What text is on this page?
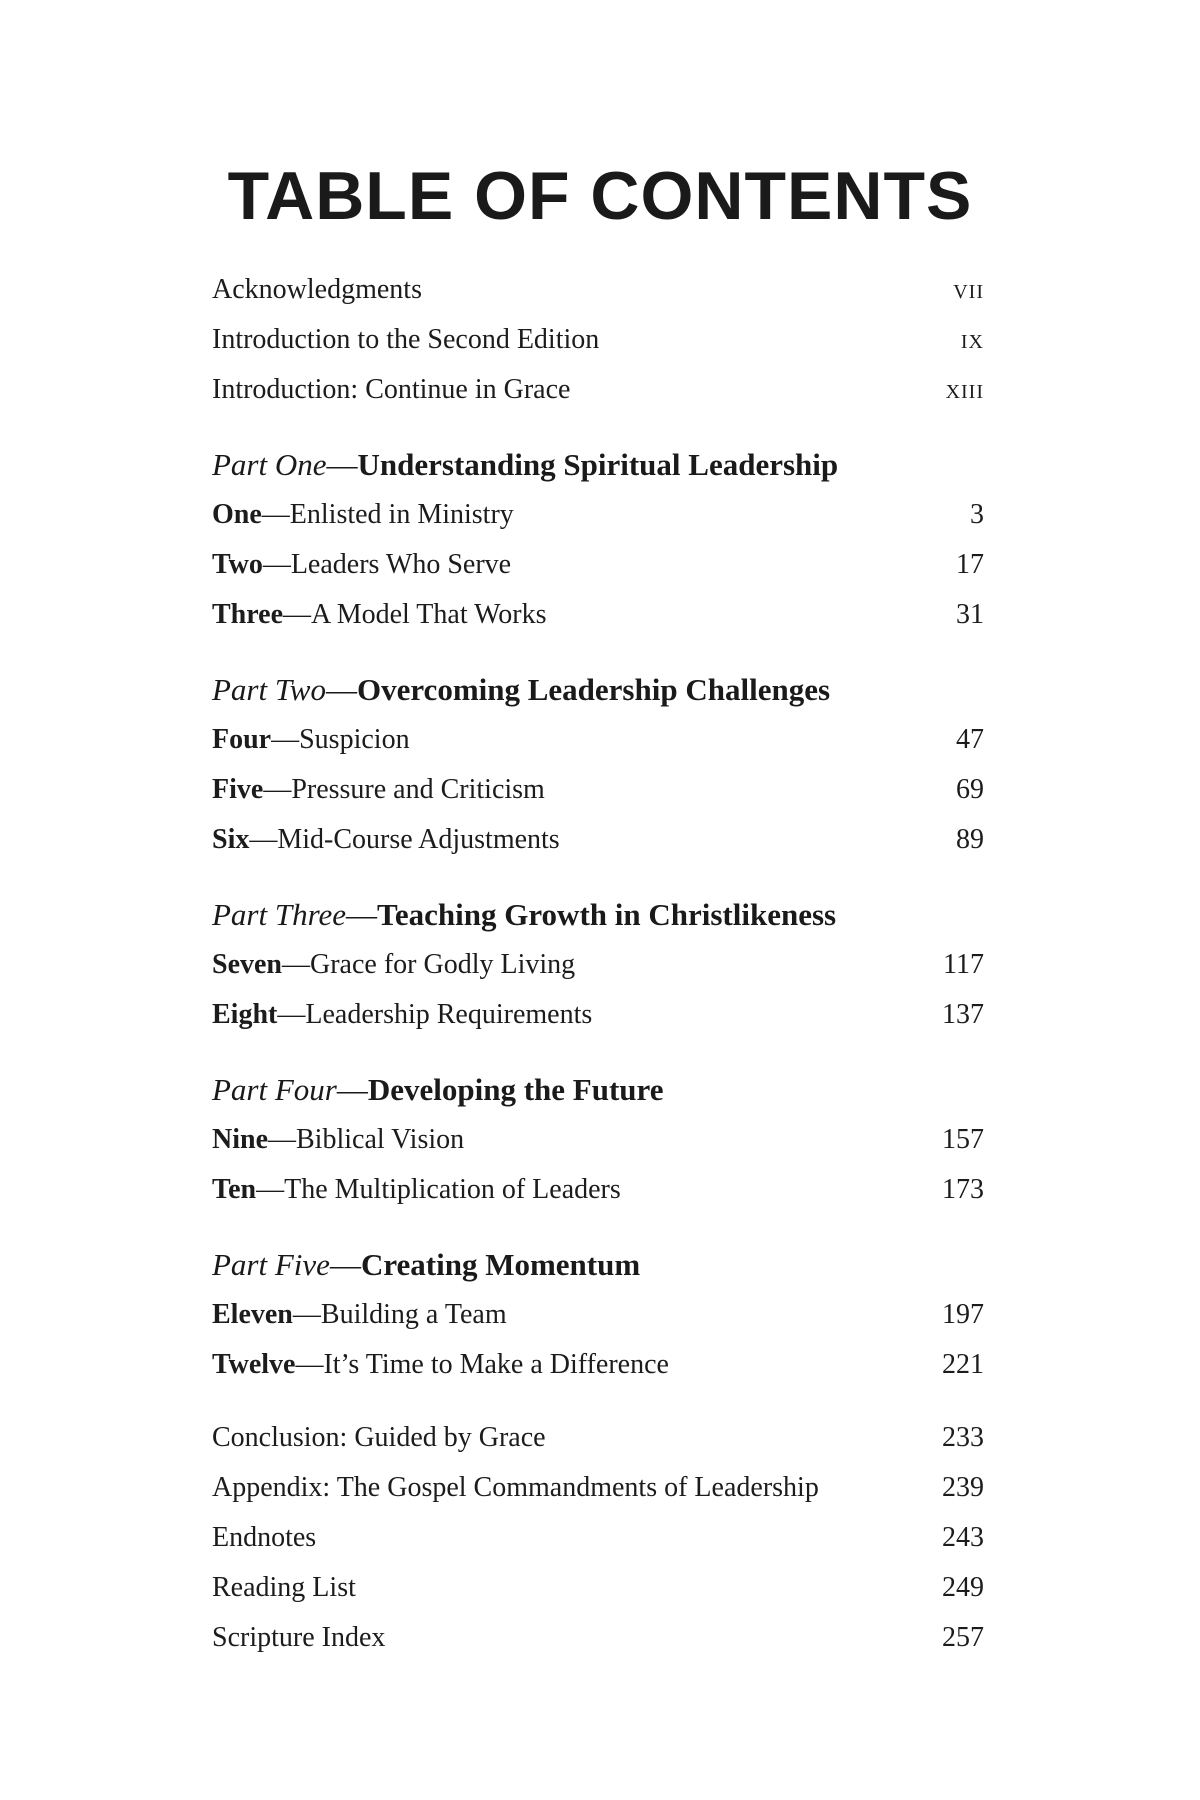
TABLE OF CONTENTS
Acknowledgments	vii
Introduction to the Second Edition	ix
Introduction: Continue in Grace	xiii
Part One—Understanding Spiritual Leadership
One—Enlisted in Ministry	3
Two—Leaders Who Serve	17
Three—A Model That Works	31
Part Two—Overcoming Leadership Challenges
Four—Suspicion	47
Five—Pressure and Criticism	69
Six—Mid-Course Adjustments	89
Part Three—Teaching Growth in Christlikeness
Seven—Grace for Godly Living	117
Eight—Leadership Requirements	137
Part Four—Developing the Future
Nine—Biblical Vision	157
Ten—The Multiplication of Leaders	173
Part Five—Creating Momentum
Eleven—Building a Team	197
Twelve—It’s Time to Make a Difference	221
Conclusion: Guided by Grace	233
Appendix: The Gospel Commandments of Leadership	239
Endnotes	243
Reading List	249
Scripture Index	257
